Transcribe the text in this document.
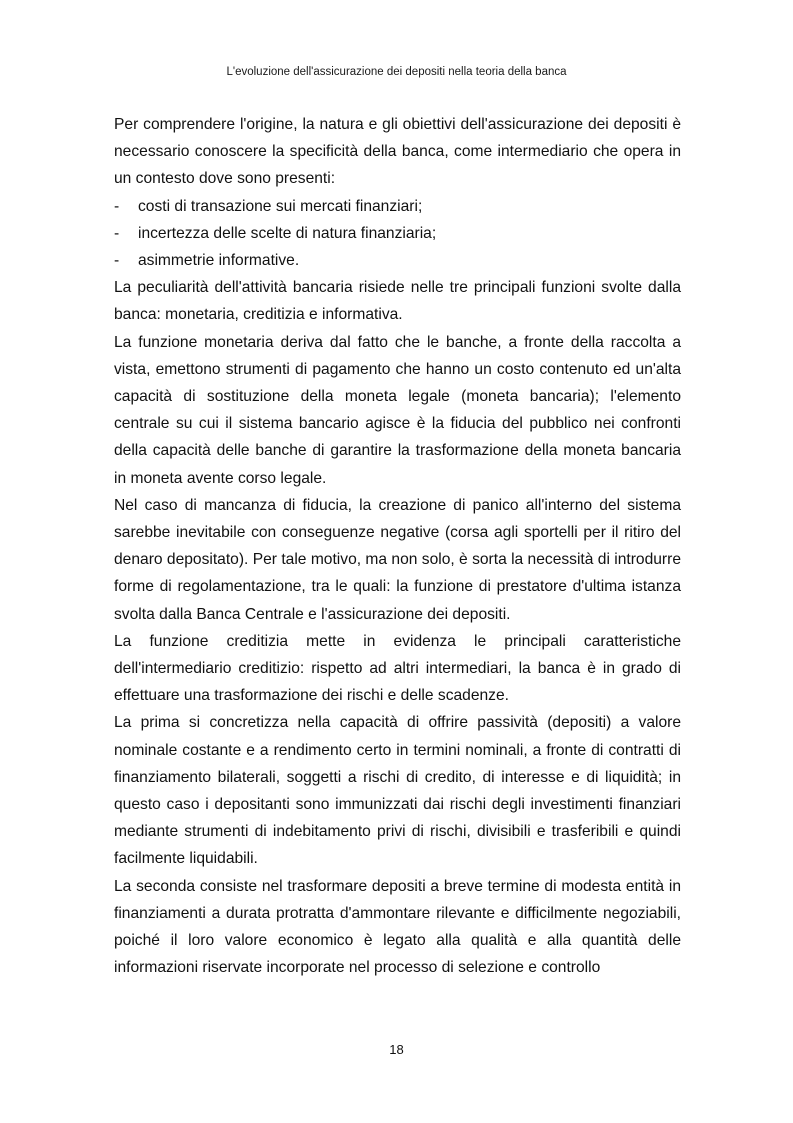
L'evoluzione dell'assicurazione dei depositi nella teoria della banca

Per comprendere l'origine, la natura e gli obiettivi dell'assicurazione dei depositi è necessario conoscere la specificità della banca, come intermediario che opera in un contesto dove sono presenti:

- costi di transazione sui mercati finanziari;
- incertezza delle scelte di natura finanziaria;
- asimmetrie informative.

La peculiarità dell'attività bancaria risiede nelle tre principali funzioni svolte dalla banca: monetaria, creditizia e informativa.

La funzione monetaria deriva dal fatto che le banche, a fronte della raccolta a vista, emettono strumenti di pagamento che hanno un costo contenuto ed un'alta capacità di sostituzione della moneta legale (moneta bancaria); l'elemento centrale su cui il sistema bancario agisce è la fiducia del pubblico nei confronti della capacità delle banche di garantire la trasformazione della moneta bancaria in moneta avente corso legale.

Nel caso di mancanza di fiducia, la creazione di panico all'interno del sistema sarebbe inevitabile con conseguenze negative (corsa agli sportelli per il ritiro del denaro depositato). Per tale motivo, ma non solo, è sorta la necessità di introdurre forme di regolamentazione, tra le quali: la funzione di prestatore d'ultima istanza svolta dalla Banca Centrale e l'assicurazione dei depositi.

La funzione creditizia mette in evidenza le principali caratteristiche dell'intermediario creditizio: rispetto ad altri intermediari, la banca è in grado di effettuare una trasformazione dei rischi e delle scadenze.

La prima si concretizza nella capacità di offrire passività (depositi) a valore nominale costante e a rendimento certo in termini nominali, a fronte di contratti di finanziamento bilaterali, soggetti a rischi di credito, di interesse e di liquidità; in questo caso i depositanti sono immunizzati dai rischi degli investimenti finanziari mediante strumenti di indebitamento privi di rischi, divisibili e trasferibili e quindi facilmente liquidabili.

La seconda consiste nel trasformare depositi a breve termine di modesta entità in finanziamenti a durata protratta d'ammontare rilevante e difficilmente negoziabili, poiché il loro valore economico è legato alla qualità e alla quantità delle informazioni riservate incorporate nel processo di selezione e controllo

18
